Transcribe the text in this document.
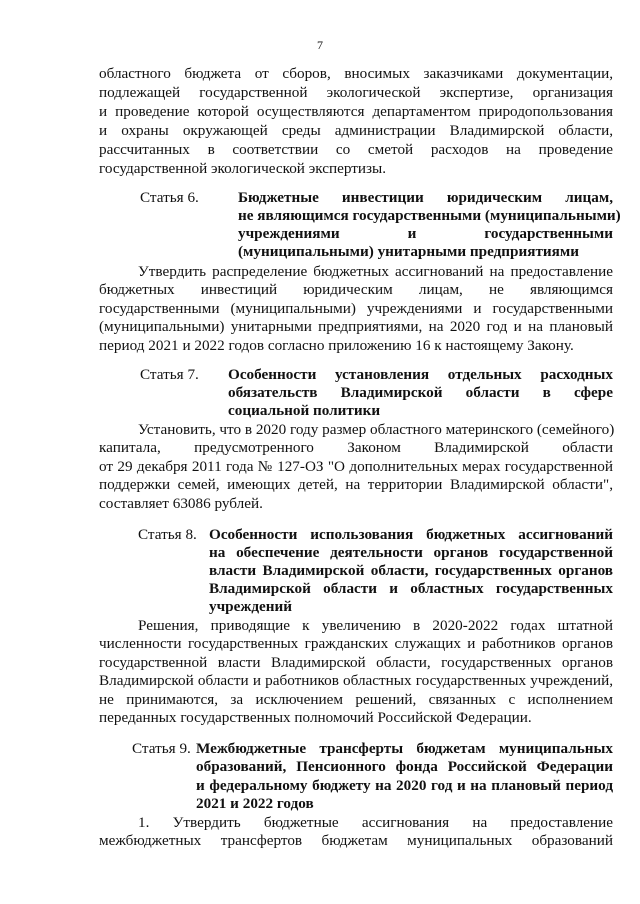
7
областного бюджета от сборов, вносимых заказчиками документации,
подлежащей государственной экологической экспертизе, организация
и проведение которой осуществляются департаментом природопользования
и охраны окружающей среды администрации Владимирской области,
рассчитанных в соответствии со сметой расходов на проведение
государственной экологической экспертизы.
Статья 6.	Бюджетные инвестиции юридическим лицам,
не являющимся государственными (муниципальными)
учреждениями и государственными
(муниципальными) унитарными предприятиями
Утвердить распределение бюджетных ассигнований на предоставление
бюджетных инвестиций юридическим лицам, не являющимся
государственными (муниципальными) учреждениями и государственными
(муниципальными) унитарными предприятиями, на 2020 год и на плановый
период 2021 и 2022 годов согласно приложению 16 к настоящему Закону.
Статья 7. Особенности установления отдельных расходных
обязательств Владимирской области в сфере
социальной политики
Установить, что в 2020 году размер областного материнского (семейного)
капитала, предусмотренного Законом Владимирской области
от 29 декабря 2011 года № 127-ОЗ "О дополнительных мерах государственной
поддержки семей, имеющих детей, на территории Владимирской области",
составляет 63086 рублей.
Статья 8. Особенности использования бюджетных ассигнований
на обеспечение деятельности органов государственной
власти Владимирской области, государственных органов
Владимирской области и областных государственных
учреждений
Решения, приводящие к увеличению в 2020-2022 годах штатной
численности государственных гражданских служащих и работников органов
государственной власти Владимирской области, государственных органов
Владимирской области и работников областных государственных учреждений,
не принимаются, за исключением решений, связанных с исполнением
переданных государственных полномочий Российской Федерации.
Статья 9. Межбюджетные трансферты бюджетам муниципальных
образований, Пенсионного фонда Российской Федерации
и федеральному бюджету на 2020 год и на плановый период
2021 и 2022 годов
1. Утвердить бюджетные ассигнования на предоставление
межбюджетных трансфертов бюджетам муниципальных образований
